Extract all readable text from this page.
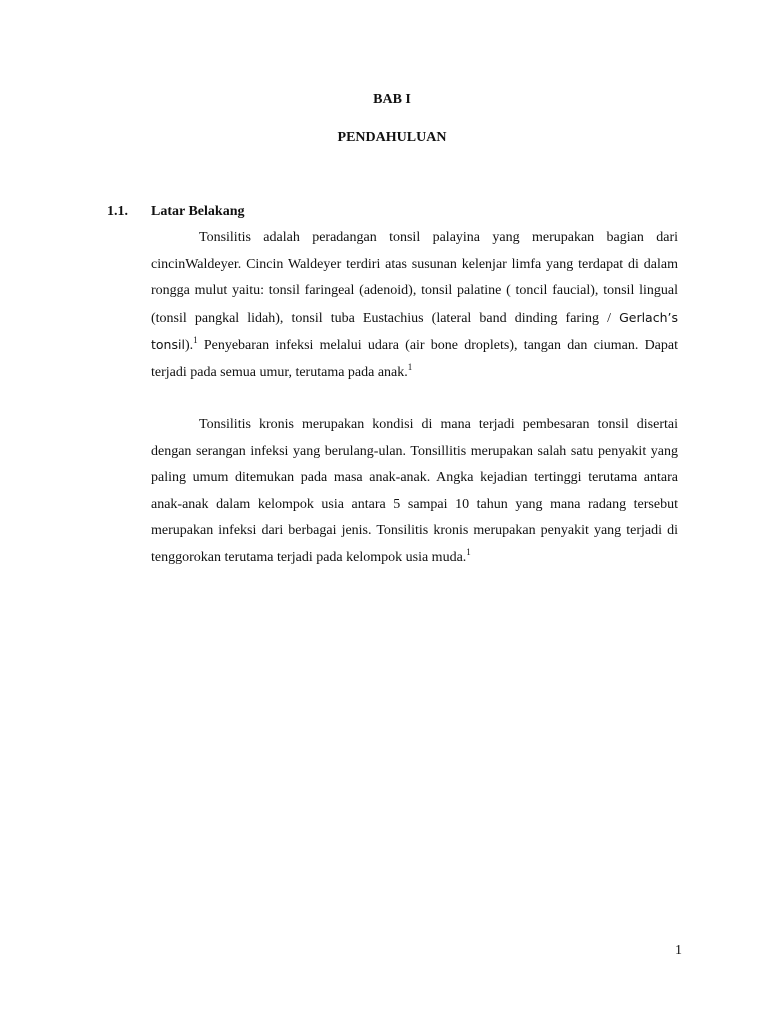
BAB I
PENDAHULUAN
1.1. Latar Belakang

Tonsilitis adalah peradangan tonsil palayina yang merupakan bagian dari cincinWaldeyer. Cincin Waldeyer terdiri atas susunan kelenjar limfa yang terdapat di dalam rongga mulut yaitu: tonsil faringeal (adenoid), tonsil palatine ( toncil faucial), tonsil lingual (tonsil pangkal lidah), tonsil tuba Eustachius (lateral band dinding faring / Gerlach’s tonsil).$^1$ Penyebaran infeksi melalui udara (air bone droplets), tangan dan ciuman. Dapat terjadi pada semua umur, terutama pada anak.$^1$

Tonsilitis kronis merupakan kondisi di mana terjadi pembesaran tonsil disertai dengan serangan infeksi yang berulang-ulan. Tonsillitis merupakan salah satu penyakit yang paling umum ditemukan pada masa anak-anak. Angka kejadian tertinggi terutama antara anak-anak dalam kelompok usia antara 5 sampai 10 tahun yang mana radang tersebut merupakan infeksi dari berbagai jenis. Tonsilitis kronis merupakan penyakit yang terjadi di tenggorokan terutama terjadi pada kelompok usia muda.$^1$

1
